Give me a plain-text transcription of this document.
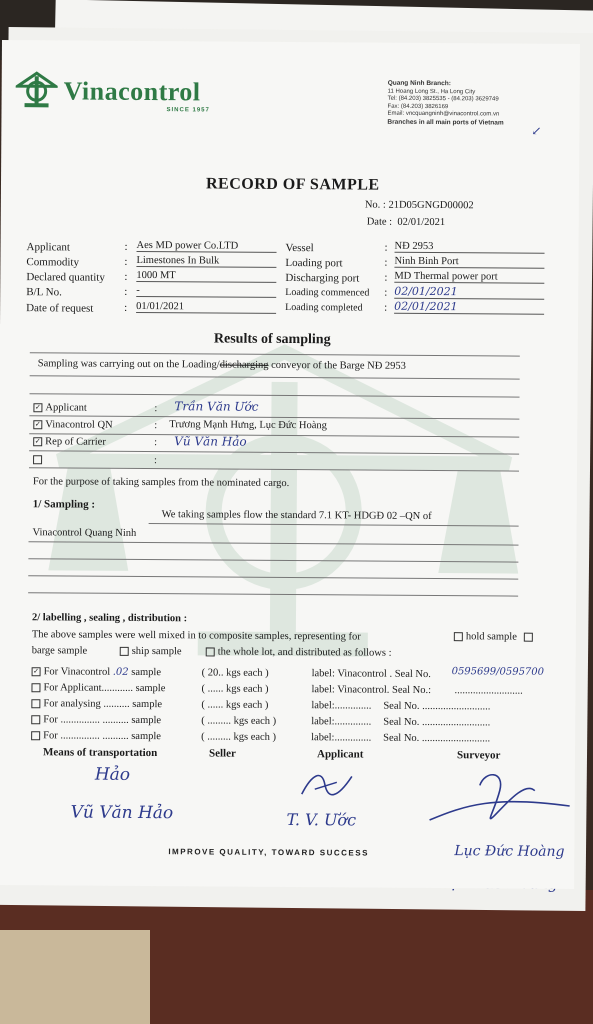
Vinacontrol
SINCE 1957
Quang Ninh Branch:
11 Hoang Long St., Ha Long City
Tel: (84.203) 3825535 - (84.203) 3629749
Fax: (84.203) 3826169
Email: vncquangninh@vinacontrol.com.vn
Branches in all main ports of Vietnam
↙
RECORD OF SAMPLE
No. : 21D05GNGD00002
Date : 02/01/2021
Applicant	: Aes MD power Co.LTD
Commodity	: Limestones In Bulk
Declared quantity : 1000 MT
B/L No.	: -
Date of request	: 01/01/2021
Vessel	: NĐ 2953
Loading port	: Ninh Binh Port
Discharging port : MD Thermal power port
Loading commenced : 02/01/2021
Loading completed : 02/01/2021
Results of sampling
Sampling was carrying out on the Loading/discharging conveyor of the Barge NĐ 2953
✓ Applicant	: Trần Văn Ước
✓ Vinacontrol QN	: Trương Mạnh Hưng, Lục Đức Hoàng
✓ Rep of Carrier	: Vũ Văn Hảo
:
For the purpose of taking samples from the nominated cargo.
1/ Sampling :
We taking samples flow the standard 7.1 KT- HDGĐ 02 –QN of
Vinacontrol Quang Ninh
2/ labelling , sealing , distribution :
The above samples were well mixed in to composite samples, representing for	hold sample
barge sample	ship sample	the whole lot, and distributed as follows :
✓ For Vinacontrol .02 sample	( 20.. kgs each )	label: Vinacontrol . Seal No. 0595699/0595700
For Applicant............ sample	( ...... kgs each )	label: Vinacontrol. Seal No.: ..........................
For analysing .......... sample	( ...... kgs each )	label:.............. Seal No. ..........................
For ............... .......... sample	( ......... kgs each )	label:.............. Seal No. ..........................
For ............... .......... sample	( ......... kgs each )	label:.............. Seal No. ..........................
Means of transportation	Seller	Applicant	Surveyor
Hảo
Vũ Văn Hảo	T. V. Ước
IMPROVE QUALITY, TOWARD SUCCESS	Lục Đức Hoàng
